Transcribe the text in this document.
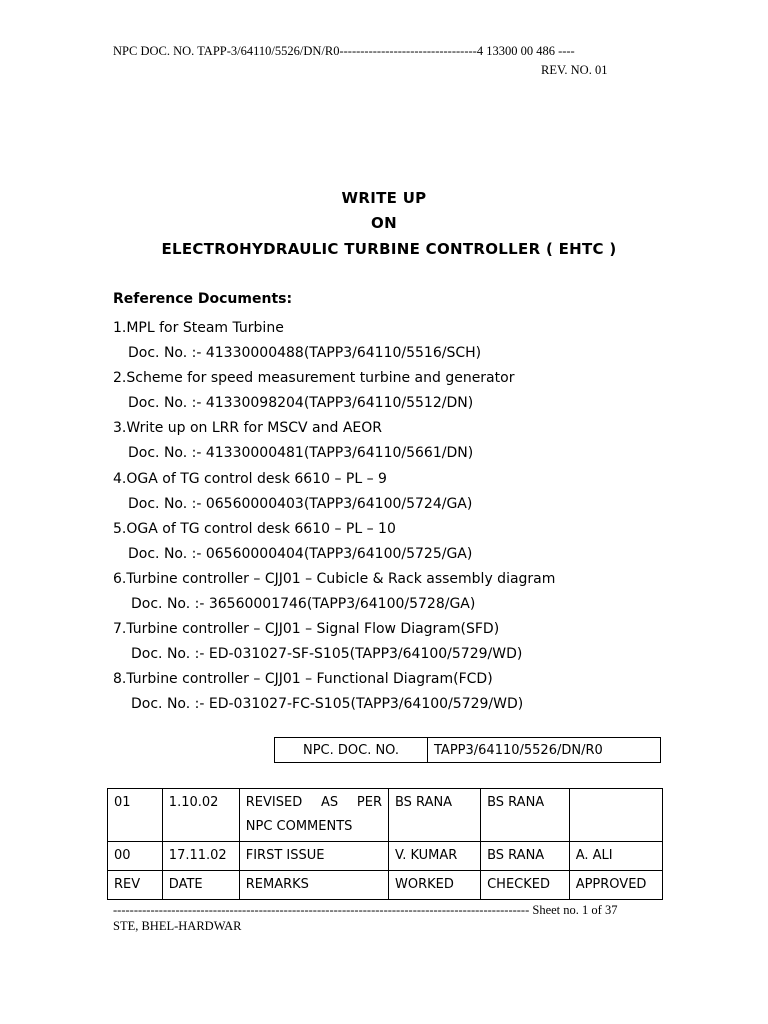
NPC DOC. NO. TAPP-3/64110/5526/DN/R0---------------------------------4 13300 00 486 ----
REV. NO. 01
WRITE UP
ON
ELECTROHYDRAULIC TURBINE CONTROLLER ( EHTC )
Reference Documents:
1.MPL for Steam Turbine
Doc. No. :- 41330000488(TAPP3/64110/5516/SCH)
2.Scheme for speed measurement turbine and generator
Doc. No. :- 41330098204(TAPP3/64110/5512/DN)
3.Write up on LRR for MSCV and AEOR
Doc. No. :- 41330000481(TAPP3/64110/5661/DN)
4.OGA of TG control desk 6610 – PL – 9
Doc. No. :- 06560000403(TAPP3/64100/5724/GA)
5.OGA of TG control desk 6610 – PL – 10
Doc. No. :- 06560000404(TAPP3/64100/5725/GA)
6.Turbine controller – CJJ01 – Cubicle & Rack assembly diagram
Doc. No. :- 36560001746(TAPP3/64100/5728/GA)
7.Turbine controller – CJJ01 – Signal Flow Diagram(SFD)
Doc. No. :- ED-031027-SF-S105(TAPP3/64100/5729/WD)
8.Turbine controller – CJJ01 – Functional Diagram(FCD)
Doc. No. :- ED-031027-FC-S105(TAPP3/64100/5729/WD)
NPC. DOC. NO.	TAPP3/64110/5526/DN/R0
01	1.10.02	REVISED AS PER NPC COMMENTS	BS RANA	BS RANA	
00	17.11.02	FIRST ISSUE	V. KUMAR	BS RANA	A. ALI
REV	DATE	REMARKS	WORKED	CHECKED	APPROVED
---------------------------------------------------------------------------------------------------- Sheet no. 1 of 37
STE, BHEL-HARDWAR
